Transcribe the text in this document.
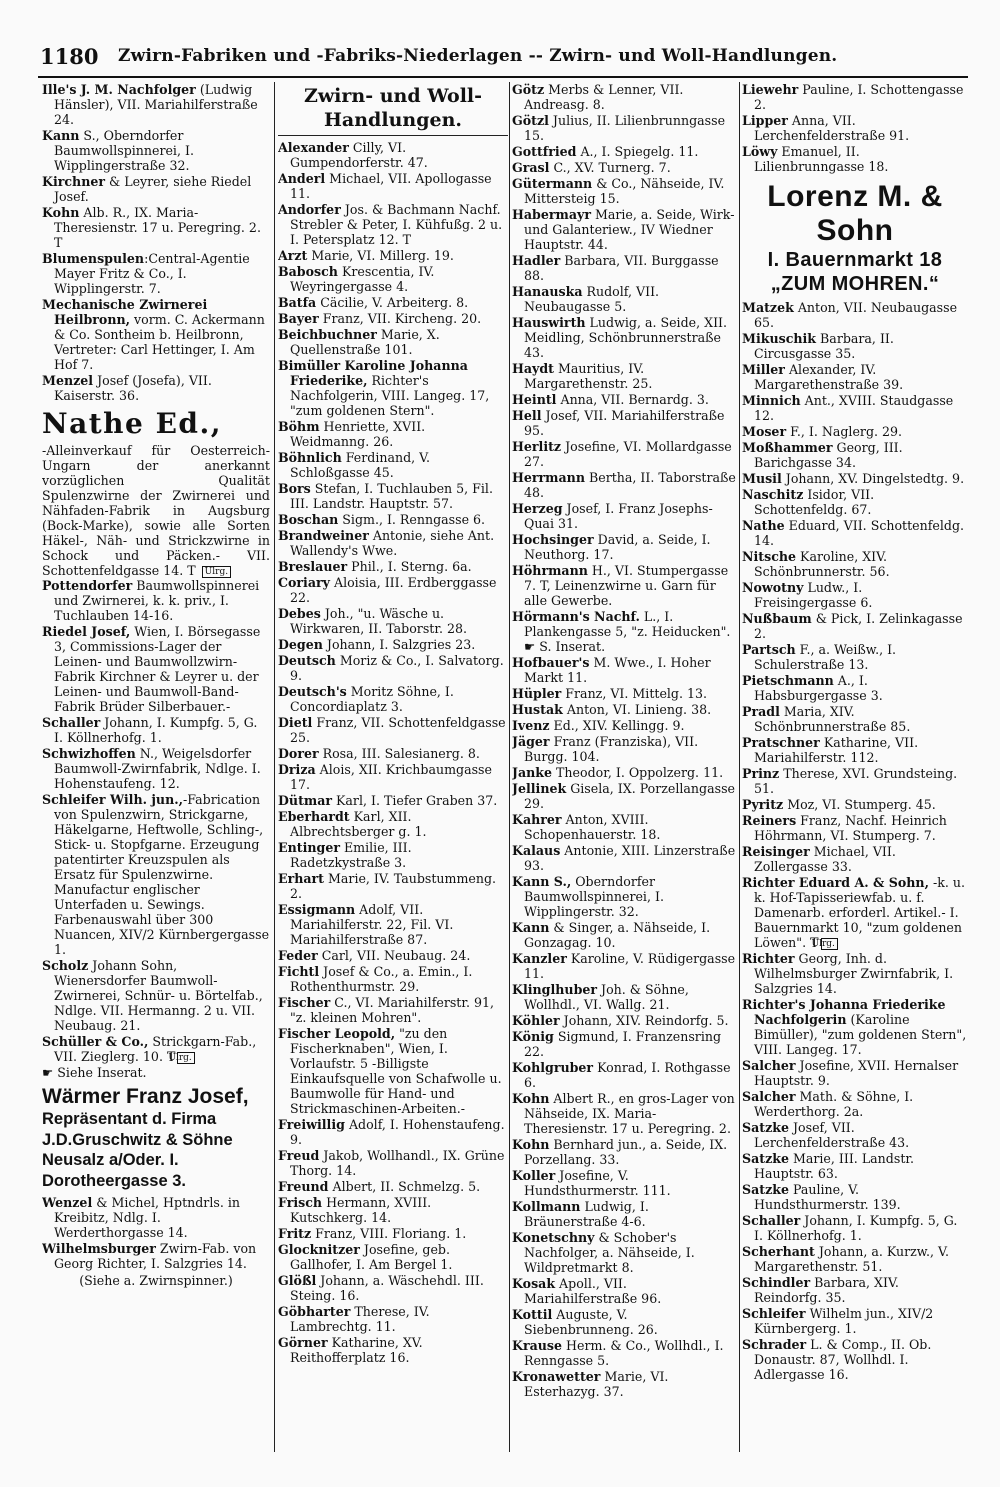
1180 Zwirn-Fabriken und -Fabriks-Niederlagen -- Zwirn- und Woll-Handlungen.
Ille's J. M. Nachfolger (Ludwig Hänsler), VII. Mariahilferstraße 24.
Kann S., Oberndorfer Baumwollspinnerei, I. Wipplingerstraße 32.
Kirchner & Leyrer, siehe Riedel Josef.
Kohn Alb. R., IX. Maria-Theresienstr. 17 u. Peregring. 2. T
Blumenspulen:Central-Agentie Mayer Fritz & Co., I. Wipplingerstr. 7.
Mechanische Zwirnerei Heilbronn, vorm. C. Ackermann & Co. Sontheim b. Heilbronn, Vertreter: Carl Hettinger, I. Am Hof 7.
Menzel Josef (Josefa), VII. Kaiserstr. 36.
Nathe Ed.,
-Alleinverkauf für Oesterreich-Ungarn der anerkannt vorzüglichen Qualität Spulenzwirne der Zwirnerei und Nähfaden-Fabrik in Augsburg (Bock-Marke), sowie alle Sorten Häkel-, Näh- und Strickzwirne in Schock und Päcken.- VII. Schottenfeldgasse 14. T Ulrg.
Pottendorfer Baumwollspinnerei und Zwirnerei, k. k. priv., I. Tuchlauben 14-16.
Riedel Josef, Wien, I. Börsegasse 3, Commissions-Lager der Leinen- und Baumwollzwirn-Fabrik Kirchner & Leyrer u. der Leinen- und Baumwoll-Band-Fabrik Brüder Silberbauer.-
Schaller Johann, I. Kumpfg. 5, G. I. Köllnerhofg. 1.
Schwizhoffen N., Weigelsdorfer Baumwoll-Zwirnfabrik, Ndlge. I. Hohenstaufeng. 12.
Schleifer Wilh. jun.,-Fabrication von Spulenzwirn, Strickgarne, Häkelgarne, Heftwolle, Schling-, Stick- u. Stopfgarne. Erzeugung patentirter Kreuzspulen als Ersatz für Spulenzwirne. Manufactur englischer Unterfaden u. Sewings. Farbenauswahl über 300 Nuancen, XIV/2 Kürnbergergasse 1.
Scholz Johann Sohn, Wienersdorfer Baumwoll-Zwirnerei, Schnür- u. Börtelfab., Ndlge. VII. Hermanng. 2 u. VII. Neubaug. 21.
Schüller & Co., Strickgarn-Fab., VII. Zieglerg. 10. TUlrg.
☛ Siehe Inserat.
Wärmer Franz Josef,
Repräsentant d. Firma
J.D.Gruschwitz & Söhne
Neusalz a/Oder. I. Dorotheergasse 3.
Wenzel & Michel, Hptndrls. in Kreibitz, Ndlg. I. Werderthorgasse 14.
Wilhelmsburger Zwirn-Fab. von Georg Richter, I. Salzgries 14.
(Siehe a. Zwirnspinner.)
Zwirn- und Woll-Handlungen.
Alexander Cilly, VI. Gumpendorferstr. 47.
Anderl Michael, VII. Apollogasse 11.
Andorfer Jos. & Bachmann Nachf. Strebler & Peter, I. Kühfußg. 2 u. I. Petersplatz 12. T
Arzt Marie, VI. Millerg. 19.
Babosch Krescentia, IV. Weyringergasse 4.
Batfa Cäcilie, V. Arbeiterg. 8.
Bayer Franz, VII. Kircheng. 20.
Beichbuchner Marie, X. Quellenstraße 101.
Bimüller Karoline Johanna Friederike, Richter's Nachfolgerin, VIII. Langeg. 17, "zum goldenen Stern".
Böhm Henriette, XVII. Weidmanng. 26.
Böhnlich Ferdinand, V. Schloßgasse 45.
Bors Stefan, I. Tuchlauben 5, Fil. III. Landstr. Hauptstr. 57.
Boschan Sigm., I. Renngasse 6.
Brandweiner Antonie, siehe Ant. Wallendy's Wwe.
Breslauer Phil., I. Sterng. 6a.
Coriary Aloisia, III. Erdberggasse 22.
Debes Joh., "u. Wäsche u. Wirkwaren, II. Taborstr. 28.
Degen Johann, I. Salzgries 23.
Deutsch Moriz & Co., I. Salvatorg. 9.
Deutsch's Moritz Söhne, I. Concordiaplatz 3.
Dietl Franz, VII. Schottenfeldgasse 25.
Dorer Rosa, III. Salesianerg. 8.
Driza Alois, XII. Krichbaumgasse 17.
Dütmar Karl, I. Tiefer Graben 37.
Eberhardt Karl, XII. Albrechtsberger g. 1.
Entinger Emilie, III. Radetzkystraße 3.
Erhart Marie, IV. Taubstummeng. 2.
Essigmann Adolf, VII. Mariahilferstr. 22, Fil. VI. Mariahilferstraße 87.
Feder Carl, VII. Neubaug. 24.
Fichtl Josef & Co., a. Emin., I. Rothenthurmstr. 29.
Fischer C., VI. Mariahilferstr. 91, "z. kleinen Mohren".
Fischer Leopold, "zu den Fischerknaben", Wien, I. Vorlaufstr. 5 -Billigste Einkaufsquelle von Schafwolle u. Baumwolle für Hand- und Strickmaschinen-Arbeiten.-
Freiwillig Adolf, I. Hohenstaufeng. 9.
Freud Jakob, Wollhandl., IX. Grüne Thorg. 14.
Freund Albert, II. Schmelzg. 5.
Frisch Hermann, XVIII. Kutschkerg. 14.
Fritz Franz, VIII. Floriang. 1.
Glocknitzer Josefine, geb. Gallhofer, I. Am Bergel 1.
Glößl Johann, a. Wäschehdl. III. Steing. 16.
Göbharter Therese, IV. Lambrechtg. 11.
Görner Katharine, XV. Reithofferplatz 16.
Götz Merbs & Lenner, VII. Andreasg. 8.
Götzl Julius, II. Lilienbrunngasse 15.
Gottfried A., I. Spiegelg. 11.
Grasl C., XV. Turnerg. 7.
Gütermann & Co., Nähseide, IV. Mittersteig 15.
Habermayr Marie, a. Seide, Wirk- und Galanteriew., IV Wiedner Hauptstr. 44.
Hadler Barbara, VII. Burggasse 88.
Hanauska Rudolf, VII. Neubaugasse 5.
Hauswirth Ludwig, a. Seide, XII. Meidling, Schönbrunnerstraße 43.
Haydt Mauritius, IV. Margarethenstr. 25.
Heintl Anna, VII. Bernardg. 3.
Hell Josef, VII. Mariahilferstraße 95.
Herlitz Josefine, VI. Mollardgasse 27.
Herrmann Bertha, II. Taborstraße 48.
Herzeg Josef, I. Franz Josephs-Quai 31.
Hochsinger David, a. Seide, I. Neuthorg. 17.
Höhrmann H., VI. Stumpergasse 7. T, Leinenzwirne u. Garn für alle Gewerbe.
Hörmann's Nachf. L., I. Plankengasse 5, "z. Heiducken". ☛ S. Inserat.
Hofbauer's M. Wwe., I. Hoher Markt 11.
Hüpler Franz, VI. Mittelg. 13.
Hustak Anton, VI. Linieng. 38.
Ivenz Ed., XIV. Kellingg. 9.
Jäger Franz (Franziska), VII. Burgg. 104.
Janke Theodor, I. Oppolzerg. 11.
Jellinek Gisela, IX. Porzellangasse 29.
Kahrer Anton, XVIII. Schopenhauerstr. 18.
Kalaus Antonie, XIII. Linzerstraße 93.
Kann S., Oberndorfer Baumwollspinnerei, I. Wipplingerstr. 32.
Kann & Singer, a. Nähseide, I. Gonzagag. 10.
Kanzler Karoline, V. Rüdigergasse 11.
Klinglhuber Joh. & Söhne, Wollhdl., VI. Wallg. 21.
Köhler Johann, XIV. Reindorfg. 5.
König Sigmund, I. Franzensring 22.
Kohlgruber Konrad, I. Rothgasse 6.
Kohn Albert R., en gros-Lager von Nähseide, IX. Maria-Theresienstr. 17 u. Peregring. 2.
Kohn Bernhard jun., a. Seide, IX. Porzellang. 33.
Koller Josefine, V. Hundsthurmerstr. 111.
Kollmann Ludwig, I. Bräunerstraße 4-6.
Konetschny & Schober's Nachfolger, a. Nähseide, I. Wildpretmarkt 8.
Kosak Apoll., VII. Mariahilferstraße 96.
Kottil Auguste, V. Siebenbrunneng. 26.
Krause Herm. & Co., Wollhdl., I. Renngasse 5.
Kronawetter Marie, VI. Esterhazyg. 37.
Liewehr Pauline, I. Schottengasse 2.
Lipper Anna, VII. Lerchenfelderstraße 91.
Löwy Emanuel, II. Lilienbrunngasse 18.
Lorenz M. & Sohn
I. Bauernmarkt 18
„ZUM MOHREN.“
Matzek Anton, VII. Neubaugasse 65.
Mikuschik Barbara, II. Circusgasse 35.
Miller Alexander, IV. Margarethenstraße 39.
Minnich Ant., XVIII. Staudgasse 12.
Moser F., I. Naglerg. 29.
Moßhammer Georg, III. Barichgasse 34.
Musil Johann, XV. Dingelstedtg. 9.
Naschitz Isidor, VII. Schottenfeldg. 67.
Nathe Eduard, VII. Schottenfeldg. 14.
Nitsche Karoline, XIV. Schönbrunnerstr. 56.
Nowotny Ludw., I. Freisingergasse 6.
Nußbaum & Pick, I. Zelinkagasse 2.
Partsch F., a. Weißw., I. Schulerstraße 13.
Pietschmann A., I. Habsburgergasse 3.
Pradl Maria, XIV. Schönbrunnerstraße 85.
Pratschner Katharine, VII. Mariahilferstr. 112.
Prinz Therese, XVI. Grundsteing. 51.
Pyritz Moz, VI. Stumperg. 45.
Reiners Franz, Nachf. Heinrich Höhrmann, VI. Stumperg. 7.
Reisinger Michael, VII. Zollergasse 33.
Richter Eduard A. & Sohn, -k. u. k. Hof-Tapisseriewfab. u. f. Damenarb. erforderl. Artikel.- I. Bauernmarkt 10, "zum goldenen Löwen". TUlrg.
Richter Georg, Inh. d. Wilhelmsburger Zwirnfabrik, I. Salzgries 14.
Richter's Johanna Friederike Nachfolgerin (Karoline Bimüller), "zum goldenen Stern", VIII. Langeg. 17.
Salcher Josefine, XVII. Hernalser Hauptstr. 9.
Salcher Math. & Söhne, I. Werderthorg. 2a.
Satzke Josef, VII. Lerchenfelderstraße 43.
Satzke Marie, III. Landstr. Hauptstr. 63.
Satzke Pauline, V. Hundsthurmerstr. 139.
Schaller Johann, I. Kumpfg. 5, G. I. Köllnerhofg. 1.
Scherhant Johann, a. Kurzw., V. Margarethenstr. 51.
Schindler Barbara, XIV. Reindorfg. 35.
Schleifer Wilhelm jun., XIV/2 Kürnbergerg. 1.
Schrader L. & Comp., II. Ob. Donaustr. 87, Wollhdl. I. Adlergasse 16.
